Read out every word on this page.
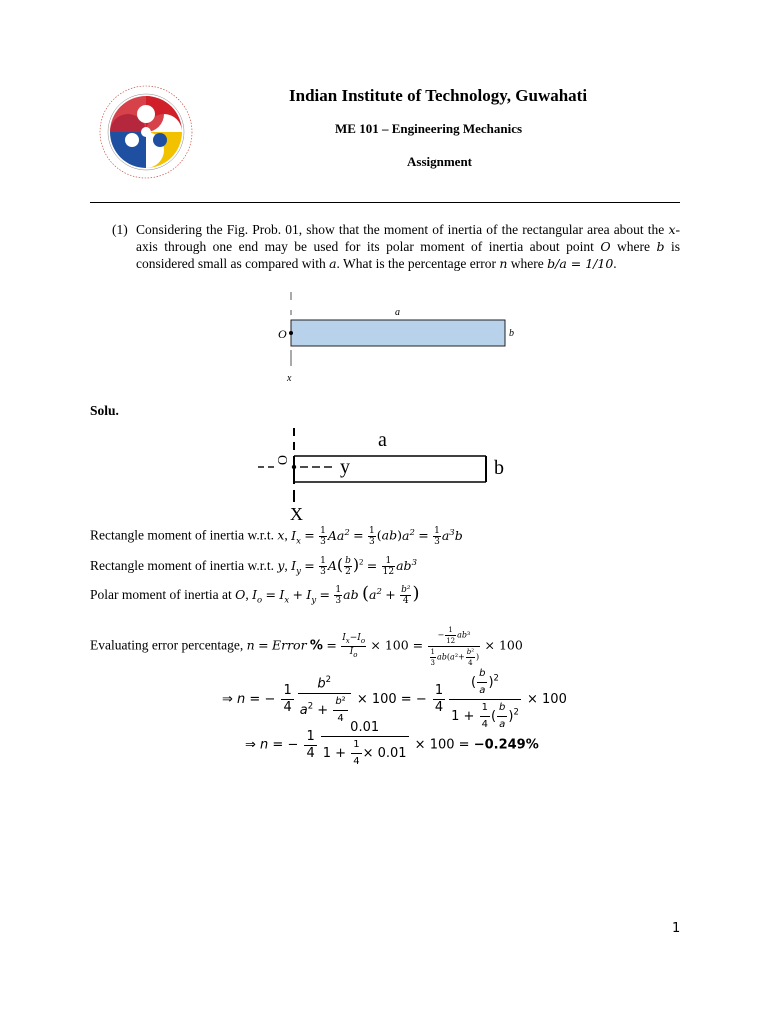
Indian Institute of Technology, Guwahati
ME 101 – Engineering Mechanics
Assignment
(1) Considering the Fig. Prob. 01, show that the moment of inertia of the rectangular area about the x-axis through one end may be used for its polar moment of inertia about point O where b is considered small as compared with a. What is the percentage error n where b/a = 1/10.
O
a
b
x
Solu.
O	y
a
b
X
Rectangle moment of inertia w.r.t. x, $I_x = \frac{1}{3} Aa^2 = \frac{1}{3} (ab)a^2 = \frac{1}{3} a^3b$
Rectangle moment of inertia w.r.t. y, $I_y = \frac{1}{3} A( \frac{b}{2} )^2 = \frac{1}{12} ab^3$
Polar moment of inertia at O, $I_o = I_x + I_y = \frac{1}{3}$ ab ($a^2 + \frac{\text{b²}}{4}$ )
Evaluating error percentage, n = Error % = $\frac{I_x-I_o}{I_o} \times 100 = \frac{- \frac{1}{12} ab^3}{\frac{1}{3} ab(a^2+ \frac{\text{b²}}{4} )} \times 100$
⇒ n = − $\frac{1}{4} \frac{b^2}{a^2 + \frac{\text{b²}}{4}} \times 100$ = − $\frac{1}{4} \frac{( \frac{b}{a} )^2}{1 + \frac{1}{4} ( \frac{b}{a} )^2} \times 100$
⇒ n = − $\frac{1}{4} \frac{0.01}{1 + \frac{1}{4} \times 0.01} \times 100 = -0.249\%$
1
